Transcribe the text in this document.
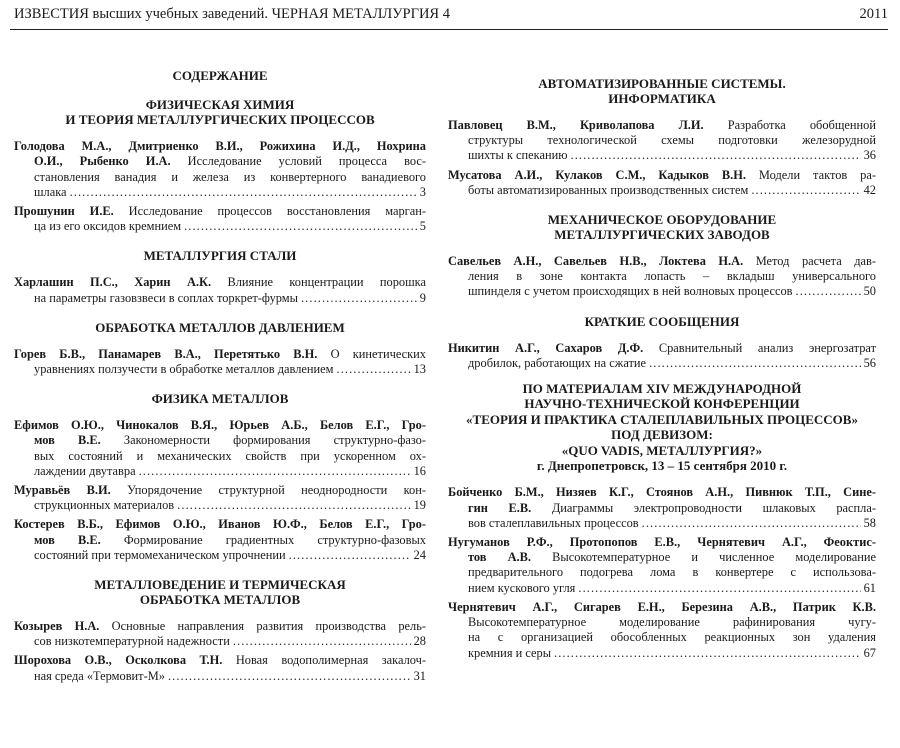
ИЗВЕСТИЯ высших учебных заведений. ЧЕРНАЯ МЕТАЛЛУРГИЯ 4	2011
СОДЕРЖАНИЕ
ФИЗИЧЕСКАЯ ХИМИЯ
И ТЕОРИЯ МЕТАЛЛУРГИЧЕСКИХ ПРОЦЕССОВ
Голодова М.А., Дмитриенко В.И., Рожихина И.Д., Нохрина
О.И., Рыбенко И.А. Исследование условий процесса вос-
становления ванадия и железа из конвертерного ванадиевого
шлака . . .	3
Прошунин И.Е. Исследование процессов восстановления марган-
ца из его оксидов кремнием . . .	5
МЕТАЛЛУРГИЯ СТАЛИ
Харлашин П.С., Харин А.К. Влияние концентрации порошка
на параметры газовзвеси в соплах торкрет-фурмы . . .	9
ОБРАБОТКА МЕТАЛЛОВ ДАВЛЕНИЕМ
Горев Б.В., Панамарев В.А., Перетятько В.Н. О кинетических
уравнениях ползучести в обработке металлов давлением . . .	13
ФИЗИКА МЕТАЛЛОВ
Ефимов О.Ю., Чинокалов В.Я., Юрьев А.Б., Белов Е.Г., Гро-
мов В.Е. Закономерности формирования структурно-фазо-
вых состояний и механических свойств при ускоренном ох-
лаждении двутавра . . .	16
Муравьёв В.И. Упорядочение структурной неоднородности кон-
струкционных материалов . . .	19
Костерев В.Б., Ефимов О.Ю., Иванов Ю.Ф., Белов Е.Г., Гро-
мов В.Е. Формирование градиентных структурно-фазовых
состояний при термомеханическом упрочнении . . .	24
МЕТАЛЛОВЕДЕНИЕ И ТЕРМИЧЕСКАЯ
ОБРАБОТКА МЕТАЛЛОВ
Козырев Н.А. Основные направления развития производства рель-
сов низкотемпературной надежности . . .	28
Шорохова О.В., Осколкова Т.Н. Новая водополимерная закалоч-
ная среда «Термовит-М» . . .	31
АВТОМАТИЗИРОВАННЫЕ СИСТЕМЫ.
ИНФОРМАТИКА
Павловец В.М., Криволапова Л.И. Разработка обобщенной
структуры технологической схемы подготовки железорудной
шихты к спеканию . . .	36
Мусатова А.И., Кулаков С.М., Кадыков В.Н. Модели тактов ра-
боты автоматизированных производственных систем . . .	42
МЕХАНИЧЕСКОЕ ОБОРУДОВАНИЕ
МЕТАЛЛУРГИЧЕСКИХ ЗАВОДОВ
Савельев А.Н., Савельев Н.В., Локтева Н.А. Метод расчета дав-
ления в зоне контакта лопасть – вкладыш универсального
шпинделя с учетом происходящих в ней волновых процессов . . .	50
КРАТКИЕ СООБЩЕНИЯ
Никитин А.Г., Сахаров Д.Ф. Сравнительный анализ энергозатрат
дробилок, работающих на сжатие . . .	56
ПО МАТЕРИАЛАМ XIV МЕЖДУНАРОДНОЙ
НАУЧНО-ТЕХНИЧЕСКОЙ КОНФЕРЕНЦИИ
«ТЕОРИЯ И ПРАКТИКА СТАЛЕПЛАВИЛЬНЫХ ПРОЦЕССОВ»
ПОД ДЕВИЗОМ:
«QUO VADIS, МЕТАЛЛУРГИЯ?»
г. Днепропетровск, 13 – 15 сентября 2010 г.
Бойченко Б.М., Низяев К.Г., Стоянов А.Н., Пивнюк Т.П., Сине-
гин Е.В. Диаграммы электропроводности шлаковых распла-
вов сталеплавильных процессов . . .	58
Нугуманов Р.Ф., Протопопов Е.В., Чернятевич А.Г., Феоктис-
тов А.В. Высокотемпературное и численное моделирование
предварительного подогрева лома в конвертере с использова-
нием кускового угля . . .	61
Чернятевич А.Г., Сигарев Е.Н., Березина А.В., Патрик К.В.
Высокотемпературное моделирование рафинирования чугу-
на с организацией обособленных реакционных зон удаления
кремния и серы . . .	67
